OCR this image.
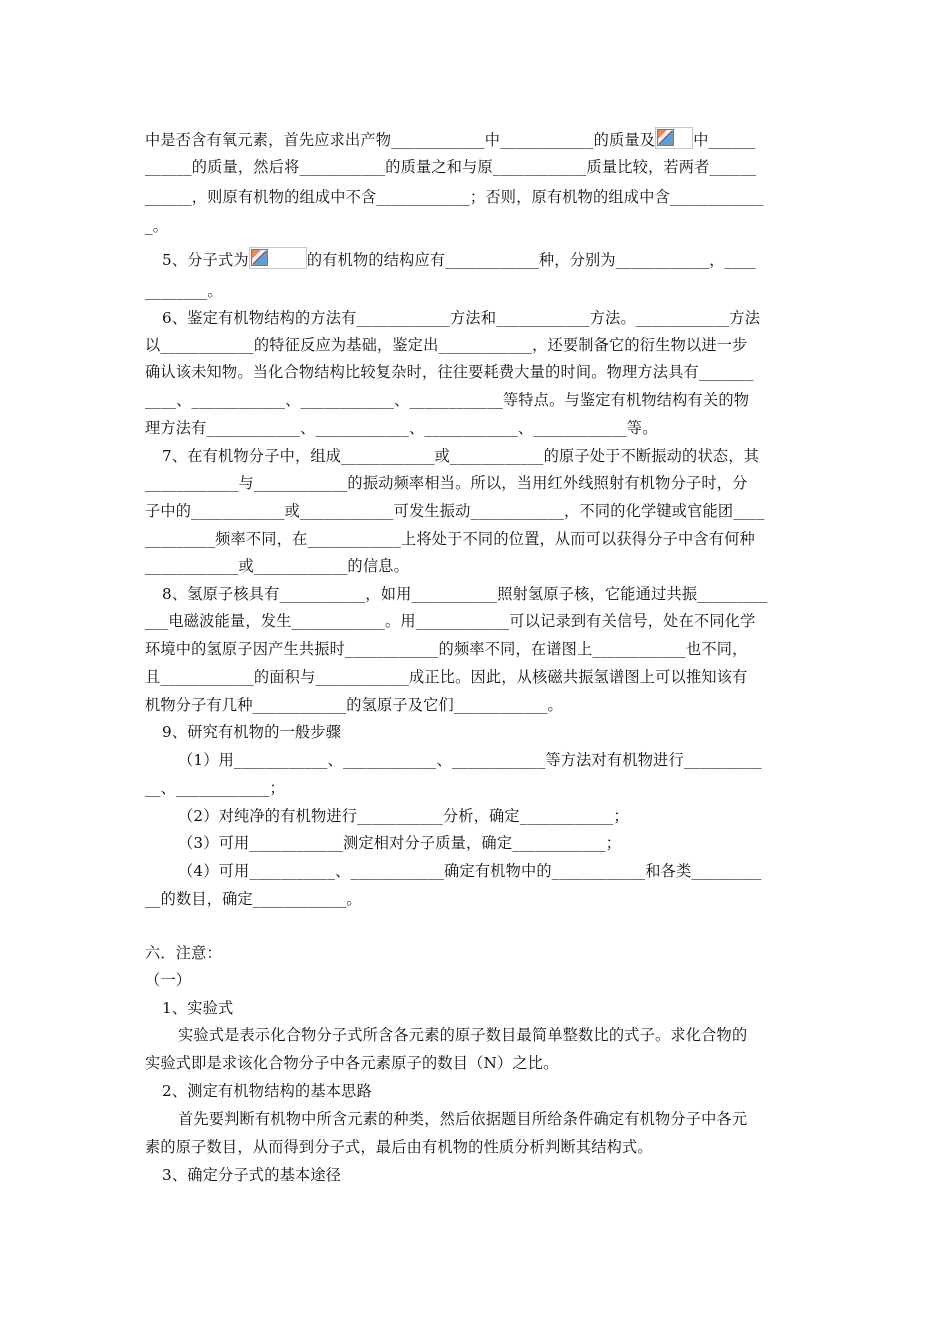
中是否含有氧元素，首先应求出产物____________中____________的质量及	中______
______的质量，然后将___________的质量之和与原____________质量比较，若两者______
______，则原有机物的组成中不含____________；否则，原有机物的组成中含____________
_。
5、分子式为	的有机物的结构应有____________种，分别为____________，____
________。
6、鉴定有机物结构的方法有____________方法和____________方法。____________方法
以____________的特征反应为基础，鉴定出____________，还要制备它的衍生物以进一步
确认该未知物。当化合物结构比较复杂时，往往要耗费大量的时间。物理方法具有_______
____、____________、____________、____________等特点。与鉴定有机物结构有关的物
理方法有____________、____________、____________、____________等。
7、在有机物分子中，组成____________或____________的原子处于不断振动的状态，其
____________与____________的振动频率相当。所以，当用红外线照射有机物分子时，分
子中的____________或____________可发生振动____________，不同的化学键或官能团____
_________频率不同，在____________上将处于不同的位置，从而可以获得分子中含有何种
____________或____________的信息。
8、氢原子核具有___________，如用___________照射氢原子核，它能通过共振_________
___电磁波能量，发生____________。用____________可以记录到有关信号，处在不同化学
环境中的氢原子因产生共振时____________的频率不同，在谱图上____________也不同，
且____________的面积与____________成正比。因此，从核磁共振氢谱图上可以推知该有
机物分子有几种____________的氢原子及它们____________。
9、研究有机物的一般步骤
（1）用____________、____________、____________等方法对有机物进行__________
__、____________；
（2）对纯净的有机物进行___________分析，确定____________；
（3）可用____________测定相对分子质量，确定____________；
（4）可用___________、____________确定有机物中的____________和各类_________
__的数目，确定____________。
六．注意：
（一）
1、实验式
实验式是表示化合物分子式所含各元素的原子数目最简单整数比的式子。求化合物的
实验式即是求该化合物分子中各元素原子的数目（N）之比。
2、测定有机物结构的基本思路
首先要判断有机物中所含元素的种类，然后依据题目所给条件确定有机物分子中各元
素的原子数目，从而得到分子式，最后由有机物的性质分析判断其结构式。
3、确定分子式的基本途径
